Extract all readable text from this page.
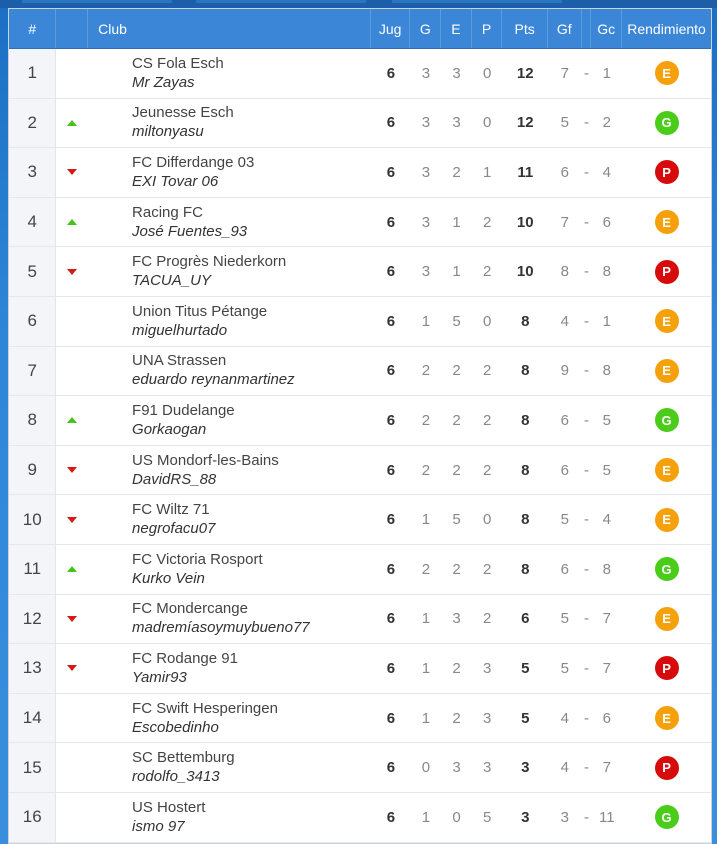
#	Club	Jug	G	E	P	Pts	Gf	Gc Rendimiento
1	CS Fola Esch
Mr Zayas
6	3	3	0	12	7	- 1	E
2	Jeunesse Esch
miltonyasu
6	3	3	0	12	5	- 2	G
3	FC Differdange 03
EXI Tovar 06
6	3	2	1	11	6	- 4	P
4	Racing FC
José Fuentes_93
6	3	1	2	10	7	- 6	E
5	FC Progrès Niederkorn
TACUA_UY
6	3	1	2	10	8	- 8	P
6	Union Titus Pétange
miguelhurtado
6	1	5	0	8	4	- 1	E
7	UNA Strassen
eduardo reynanmartinez
6	2	2	2	8	9	- 8	E
8	F91 Dudelange
Gorkaogan
6	2	2	2	8	6	- 5	G
9	US Mondorf-les-Bains
DavidRS_88
6	2	2	2	8	6	- 5	E
10	FC Wiltz 71
negrofacu07
6	1	5	0	8	5	- 4	E
11	FC Victoria Rosport
Kurko Vein
6	2	2	2	8	6	- 8	G
12	FC Mondercange
madremíasoymuybueno77
6	1	3	2	6	5	- 7	E
13	FC Rodange 91
Yamir93
6	1	2	3	5	5	- 7	P
14	FC Swift Hesperingen
Escobedinho
6	1	2	3	5	4	- 6	E
15	SC Bettemburg
rodolfo_3413
6	0	3	3	3	4	- 7	P
16	US Hostert
ismo 97
6	1	0	5	3	3	- 11	G
